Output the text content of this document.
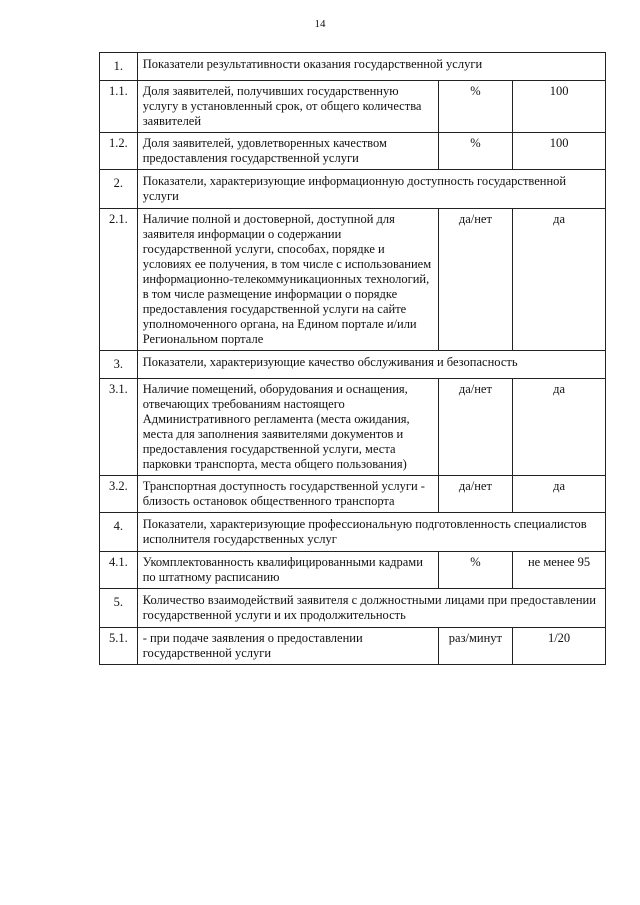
14
1.	Показатели результативности оказания государственной услуги		
1.1.	Доля заявителей, получивших государственную услугу в установленный срок, от общего количества заявителей	%	100
1.2.	Доля заявителей, удовлетворенных качеством предоставления государственной услуги	%	100
2.	Показатели, характеризующие информационную доступность государственной услуги		
2.1.	Наличие полной и достоверной, доступной для заявителя информации о содержании государственной услуги, способах, порядке и условиях ее получения, в том числе с использованием информационно-телекоммуникационных технологий, в том числе размещение информации о порядке предоставления государственной услуги на сайте уполномоченного органа, на Едином портале и/или Региональном портале	да/нет	да
3.	Показатели, характеризующие качество обслуживания и безопасность		
3.1.	Наличие помещений, оборудования и оснащения, отвечающих требованиям настоящего Административного регламента (места ожидания, места для заполнения заявителями документов и предоставления государственной услуги, места парковки транспорта, места общего пользования)	да/нет	да
3.2.	Транспортная доступность государственной услуги - близость остановок общественного транспорта	да/нет	да
4.	Показатели, характеризующие профессиональную подготовленность специалистов исполнителя государственных услуг		
4.1.	Укомплектованность квалифицированными кадрами по штатному расписанию	%	не менее 95
5.	Количество взаимодействий заявителя с должностными лицами при предоставлении государственной услуги и их продолжительность		
5.1.	- при подаче заявления о предоставлении государственной услуги	раз/минут	1/20
